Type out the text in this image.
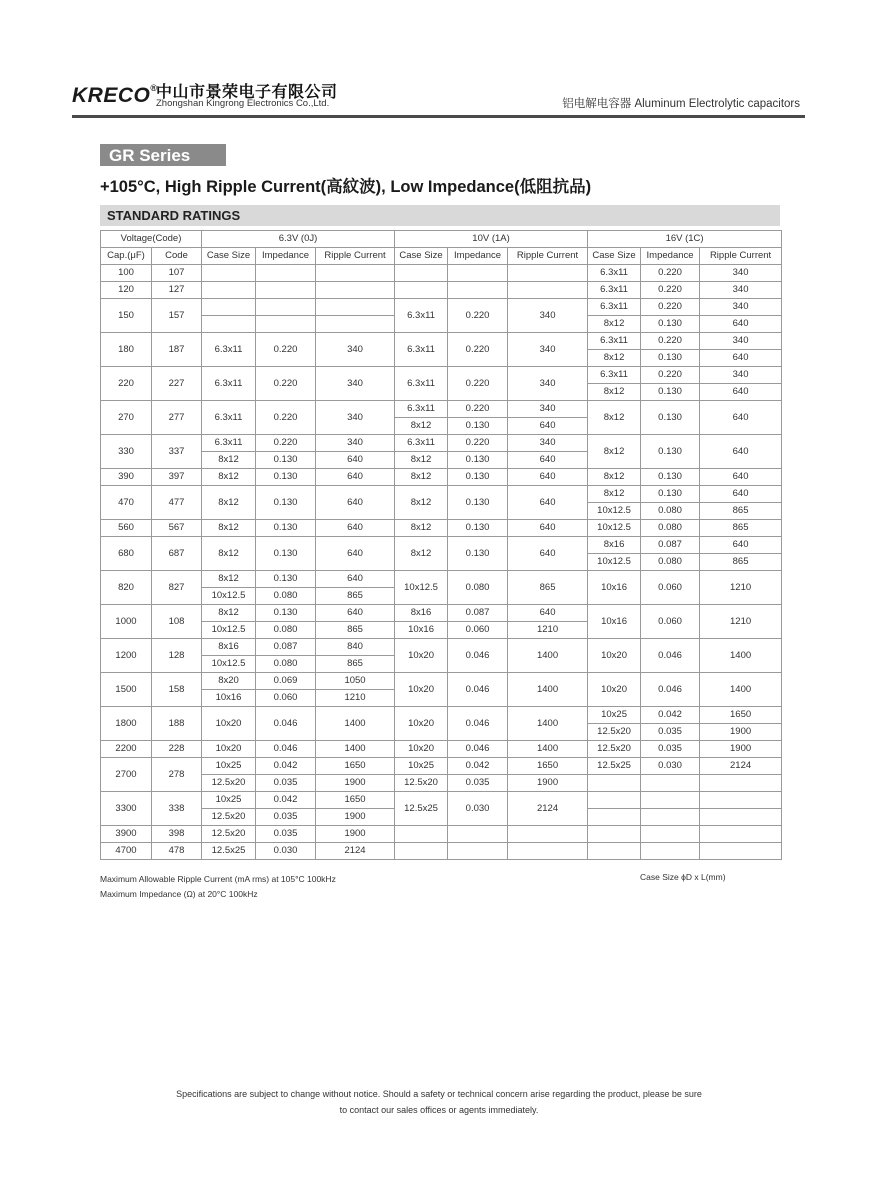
KRECO®
中山市景荣电子有限公司
Zhongshan Kingrong Electronics Co.,Ltd.	铝电解电容器 Aluminum Electrolytic capacitors
GR Series
+105°C, High Ripple Current(高紋波), Low Impedance(低阻抗品)
STANDARD RATINGS
Voltage(Code)		6.3V (0J)			10V (1A)			16V (1C)		
Cap.(μF)	Code	Case Size	Impedance	Ripple Current	Case Size	Impedance	Ripple Current	Case Size	Impedance	Ripple Current
100	107							6.3x11	0.220	340
120	127							6.3x11	0.220	340
150	157				6.3x11	0.220	340	6.3x11	0.220	340
								8x12	0.130	640
180	187	6.3x11	0.220	340	6.3x11	0.220	340	6.3x11	0.220	340
								8x12	0.130	640
220	227	6.3x11	0.220	340	6.3x11	0.220	340	6.3x11	0.220	340
								8x12	0.130	640
270	277	6.3x11	0.220	340	6.3x11	0.220	340	8x12	0.130	640
					8x12	0.130	640			
330	337	6.3x11	0.220	340	6.3x11	0.220	340	8x12	0.130	640
		8x12	0.130	640	8x12	0.130	640			
390	397	8x12	0.130	640	8x12	0.130	640	8x12	0.130	640
470	477	8x12	0.130	640	8x12	0.130	640	8x12	0.130	640
								10x12.5	0.080	865
560	567	8x12	0.130	640	8x12	0.130	640	10x12.5	0.080	865
680	687	8x12	0.130	640	8x12	0.130	640	8x16	0.087	640
								10x12.5	0.080	865
820	827	8x12	0.130	640	10x12.5	0.080	865	10x16	0.060	1210
		10x12.5	0.080	865						
1000	108	8x12	0.130	640	8x16	0.087	640	10x16	0.060	1210
		10x12.5	0.080	865	10x16	0.060	1210			
1200	128	8x16	0.087	840	10x20	0.046	1400	10x20	0.046	1400
		10x12.5	0.080	865						
1500	158	8x20	0.069	1050	10x20	0.046	1400	10x20	0.046	1400
		10x16	0.060	1210						
1800	188	10x20	0.046	1400	10x20	0.046	1400	10x25	0.042	1650
								12.5x20	0.035	1900
2200	228	10x20	0.046	1400	10x20	0.046	1400	12.5x20	0.035	1900
2700	278	10x25	0.042	1650	10x25	0.042	1650	12.5x25	0.030	2124
		12.5x20	0.035	1900	12.5x20	0.035	1900			
3300	338	10x25	0.042	1650	12.5x25	0.030	2124			
		12.5x20	0.035	1900						
3900	398	12.5x20	0.035	1900						
4700	478	12.5x25	0.030	2124						
Maximum Allowable Ripple Current (mA rms) at 105°C 100kHz
Maximum Impedance (Ω) at 20°C 100kHz
Case Size ϕD x L(mm)
Specifications are subject to change without notice. Should a safety or technical concern arise regarding the product, please be sure
to contact our sales offices or agents immediately.
